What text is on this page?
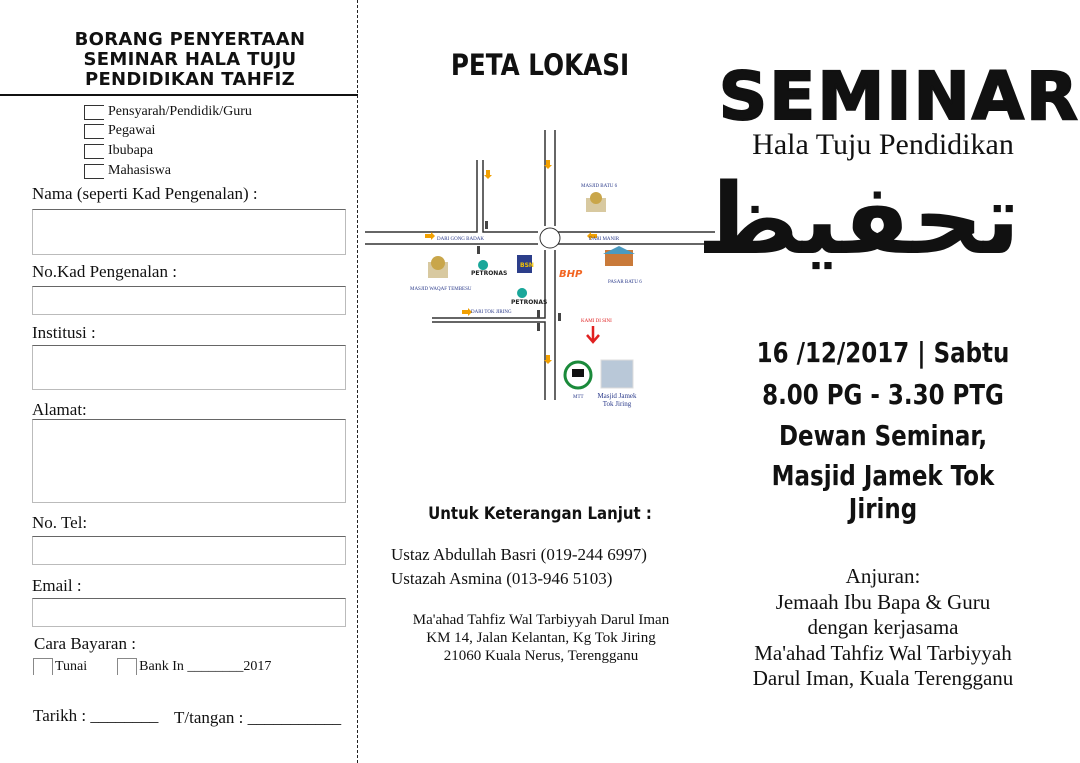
BORANG PENYERTAAN
SEMINAR HALA TUJU
PENDIDIKAN TAHFIZ
Pensyarah/Pendidik/Guru
Pegawai
Ibubapa
Mahasiswa
Nama (seperti Kad Pengenalan) :
No.Kad Pengenalan :
Institusi :
Alamat:
No. Tel:
Email :
Cara Bayaran :
Tunai	Bank In ________2017
Tarikh : ________ T/tangan : ___________
PETA LOKASI
BSN
PETRONAS
PETRONAS
BHP
MASJID BATU 6
PASAR BATU 6
MASJID WAQAF TEMBESU
DARI GONG BADAK	DARI MANIR
DARI TOK JIRING
KAMI DI SINI
MTT Masjid Jamek
Tok Jiring
Untuk Keterangan Lanjut :
Ustaz Abdullah Basri (019-244 6997)
Ustazah Asmina (013-946 5103)
Ma'ahad Tahfiz Wal Tarbiyyah Darul Iman
KM 14, Jalan Kelantan, Kg Tok Jiring
21060 Kuala Nerus, Terengganu
SEMINAR
Hala Tuju Pendidikan
تحفيظ
16 /12/2017 | Sabtu
8.00 PG - 3.30 PTG
Dewan Seminar,
Masjid Jamek Tok Jiring
Anjuran:
Jemaah Ibu Bapa & Guru
dengan kerjasama
Ma'ahad Tahfiz Wal Tarbiyyah
Darul Iman, Kuala Terengganu
